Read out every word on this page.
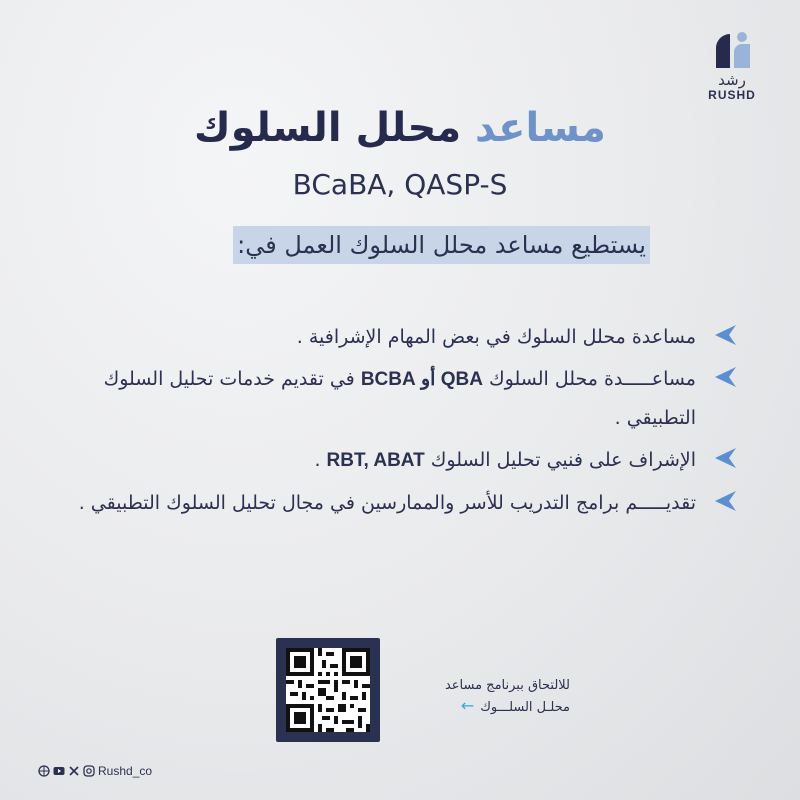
رشد
RUSHD
مساعد محلل السلوك
BCaBA, QASP-S
يستطيع مساعد محلل السلوك العمل في:
مساعدة محلل السلوك في بعض المهام الإشرافية .
مساعـــــدة محلل السلوك QBA أو BCBA في تقديم خدمات تحليل السلوك التطبيقي .
الإشراف على فنيي تحليل السلوك RBT, ABAT .
تقديـــــم برامج التدريب للأسر والممارسين في مجال تحليل السلوك التطبيقي .
للالتحاق ببرنامج مساعد
محلـل السلـــوك←
Rushd_co
